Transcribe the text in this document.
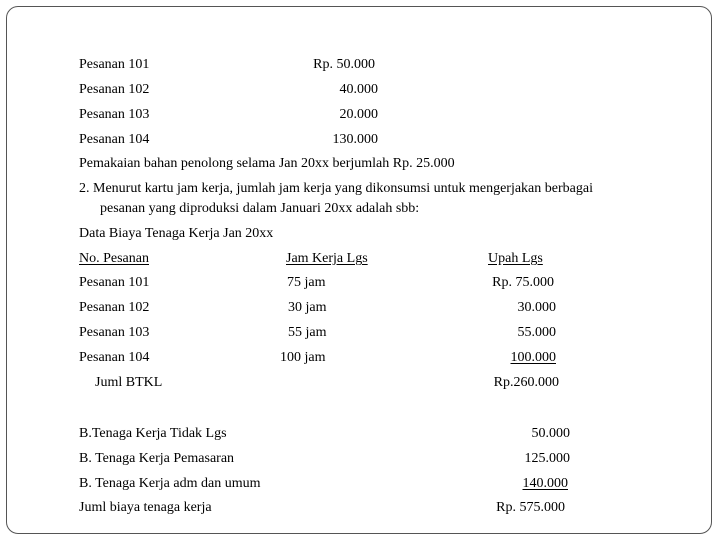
Pesanan 101	Rp. 50.000
Pesanan 102	40.000
Pesanan 103	20.000
Pesanan 104	130.000
Pemakaian bahan penolong selama Jan 20xx berjumlah Rp. 25.000
2. Menurut kartu jam kerja, jumlah jam kerja yang dikonsumsi untuk mengerjakan berbagai
pesanan yang diproduksi dalam Januari 20xx adalah sbb:
Data Biaya Tenaga Kerja Jan 20xx
No. Pesanan	Jam Kerja Lgs	Upah Lgs
Pesanan 101	75 jam	Rp. 75.000
Pesanan 102	30 jam	30.000
Pesanan 103	55 jam	55.000
Pesanan 104	100 jam	100.000
Juml BTKL	Rp.260.000
B.Tenaga Kerja Tidak Lgs	50.000
B. Tenaga Kerja Pemasaran	125.000
B. Tenaga Kerja adm dan umum	140.000
Juml biaya tenaga kerja	Rp. 575.000
